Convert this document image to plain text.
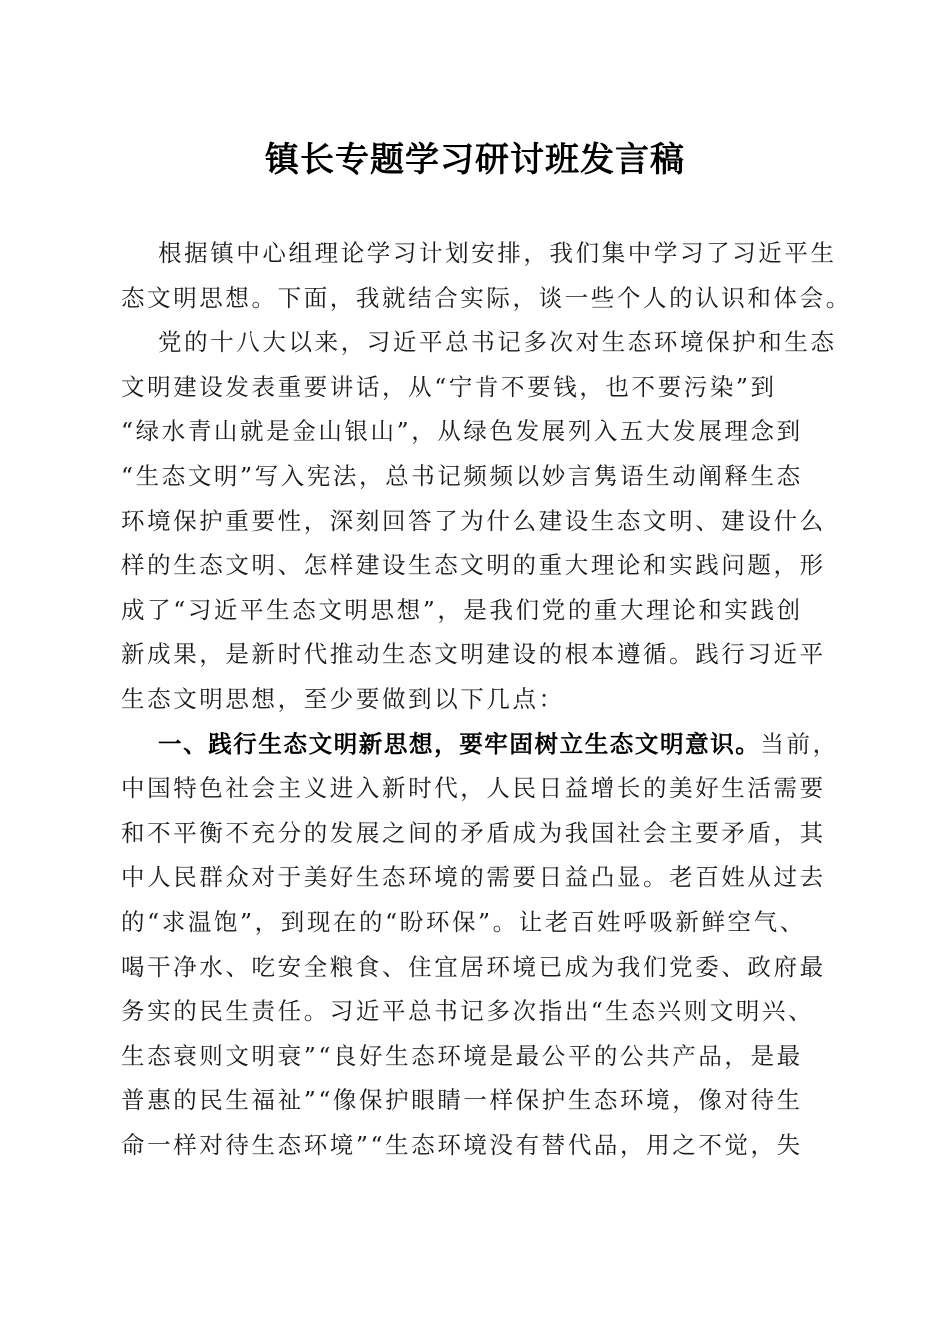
镇长专题学习研讨班发言稿
根据镇中心组理论学习计划安排，我们集中学习了习近平生
态文明思想。下面，我就结合实际，谈一些个人的认识和体会。
党的十八大以来，习近平总书记多次对生态环境保护和生态
文明建设发表重要讲话，从“宁肯不要钱，也不要污染”到
“绿水青山就是金山银山”，从绿色发展列入五大发展理念到
“生态文明”写入宪法，总书记频频以妙言隽语生动阐释生态
环境保护重要性，深刻回答了为什么建设生态文明、建设什么
样的生态文明、怎样建设生态文明的重大理论和实践问题，形
成了“习近平生态文明思想”，是我们党的重大理论和实践创
新成果，是新时代推动生态文明建设的根本遵循。践行习近平
生态文明思想，至少要做到以下几点：
一、践行生态文明新思想，要牢固树立生态文明意识。当前，
中国特色社会主义进入新时代，人民日益增长的美好生活需要
和不平衡不充分的发展之间的矛盾成为我国社会主要矛盾，其
中人民群众对于美好生态环境的需要日益凸显。老百姓从过去
的“求温饱”，到现在的“盼环保”。让老百姓呼吸新鲜空气、
喝干净水、吃安全粮食、住宜居环境已成为我们党委、政府最
务实的民生责任。习近平总书记多次指出“生态兴则文明兴、
生态衰则文明衰”“良好生态环境是最公平的公共产品，是最
普惠的民生福祉”“像保护眼睛一样保护生态环境，像对待生
命一样对待生态环境”“生态环境没有替代品，用之不觉，失
